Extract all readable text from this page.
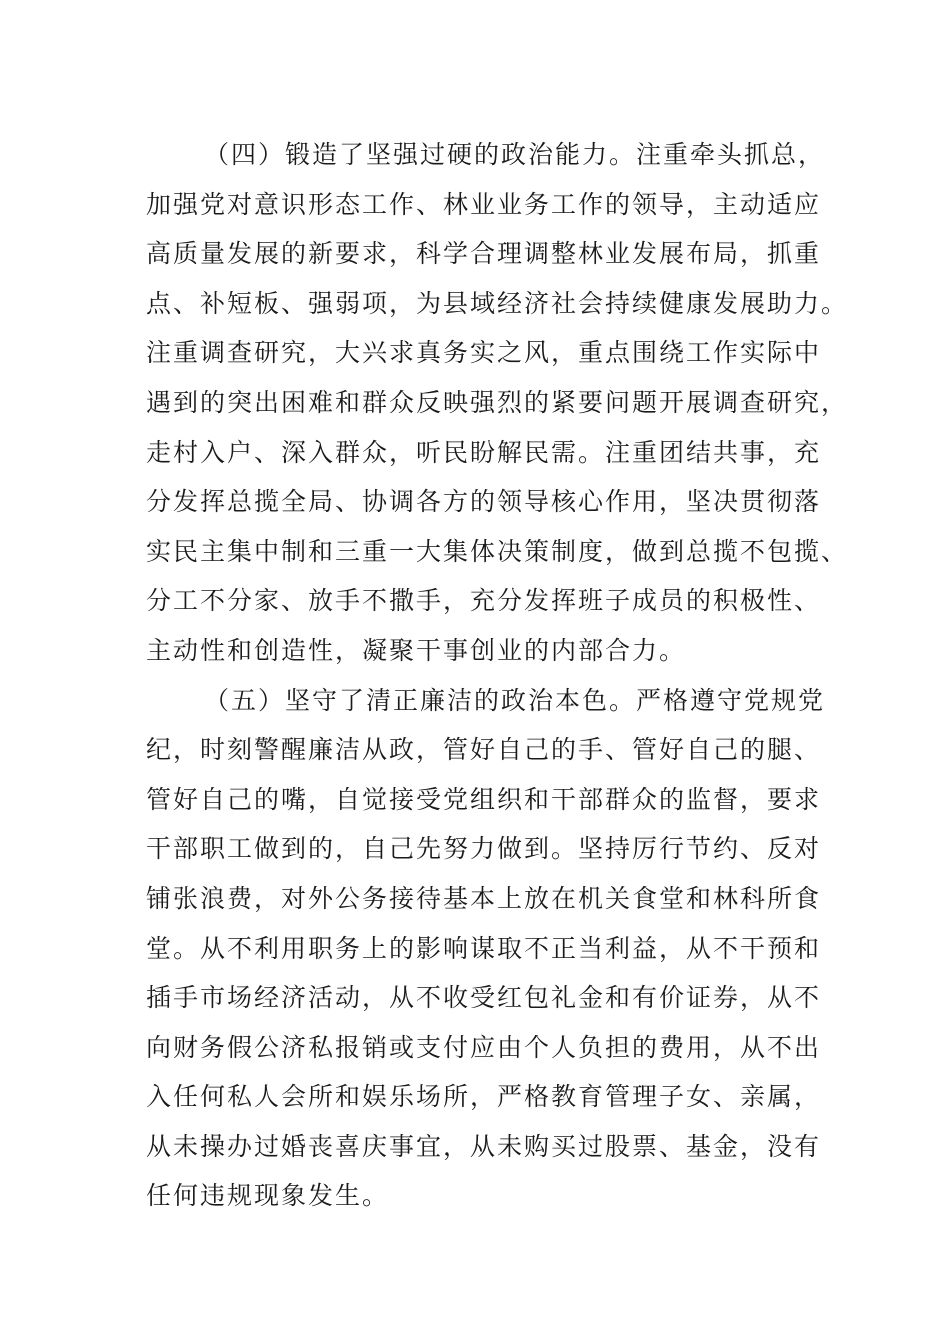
（四）锻造了坚强过硬的政治能力。注重牵头抓总，
加强党对意识形态工作、林业业务工作的领导，主动适应
高质量发展的新要求，科学合理调整林业发展布局，抓重
点、补短板、强弱项，为县域经济社会持续健康发展助力。
注重调查研究，大兴求真务实之风，重点围绕工作实际中
遇到的突出困难和群众反映强烈的紧要问题开展调查研究，
走村入户、深入群众，听民盼解民需。注重团结共事，充
分发挥总揽全局、协调各方的领导核心作用，坚决贯彻落
实民主集中制和三重一大集体决策制度，做到总揽不包揽、
分工不分家、放手不撒手，充分发挥班子成员的积极性、
主动性和创造性，凝聚干事创业的内部合力。
（五）坚守了清正廉洁的政治本色。严格遵守党规党
纪，时刻警醒廉洁从政，管好自己的手、管好自己的腿、
管好自己的嘴，自觉接受党组织和干部群众的监督，要求
干部职工做到的，自己先努力做到。坚持厉行节约、反对
铺张浪费，对外公务接待基本上放在机关食堂和林科所食
堂。从不利用职务上的影响谋取不正当利益，从不干预和
插手市场经济活动，从不收受红包礼金和有价证券，从不
向财务假公济私报销或支付应由个人负担的费用，从不出
入任何私人会所和娱乐场所，严格教育管理子女、亲属，
从未操办过婚丧喜庆事宜，从未购买过股票、基金，没有
任何违规现象发生。
